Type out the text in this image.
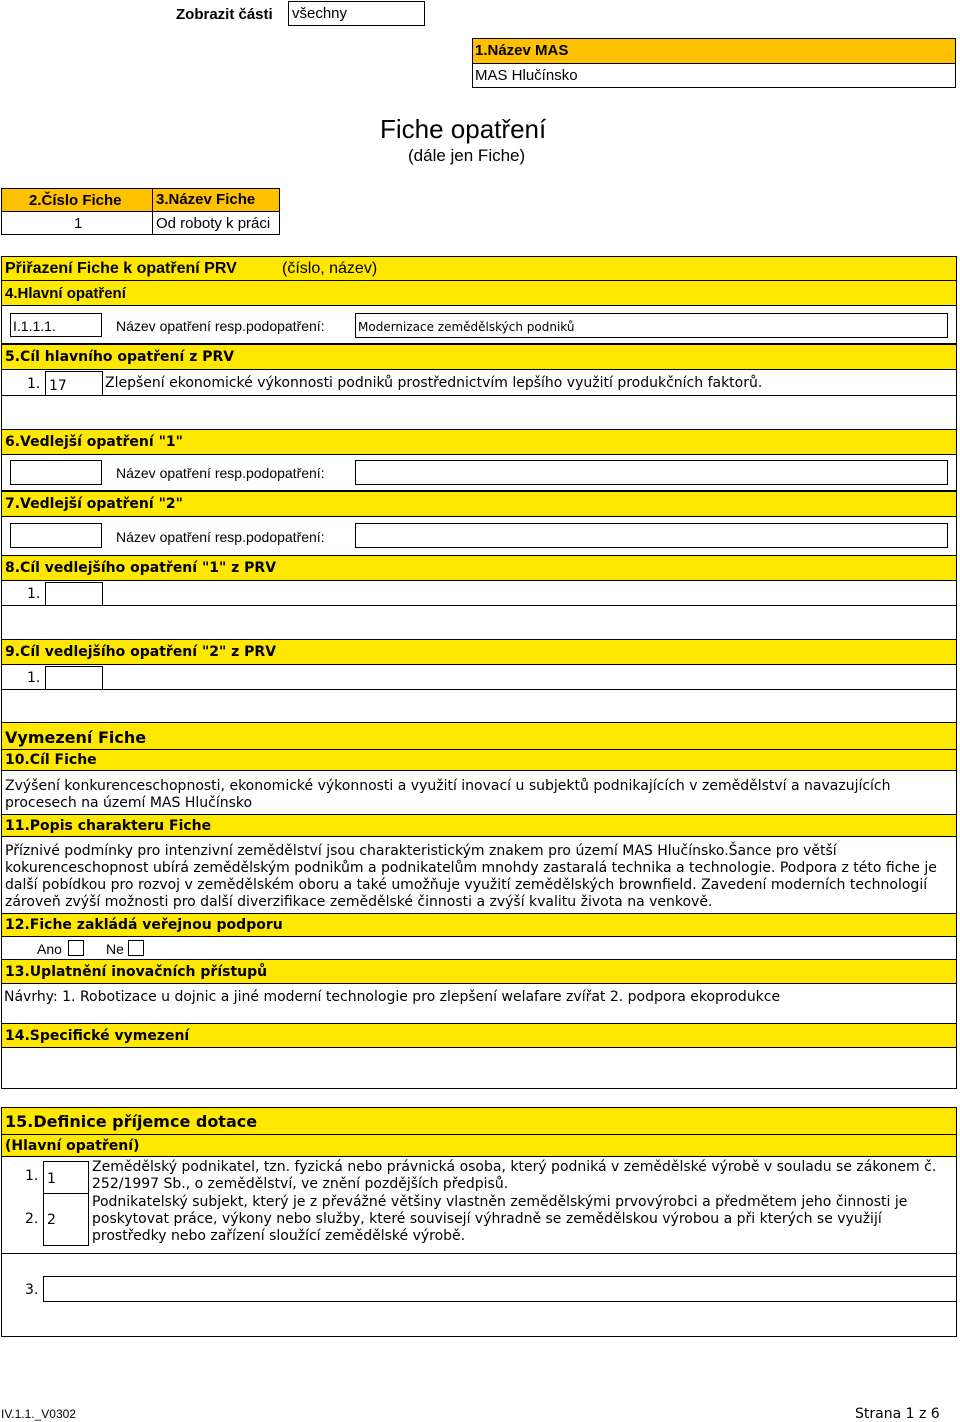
Zobrazit části všechny
1.Název MAS
MAS Hlučínsko
Fiche opatření
(dále jen Fiche)
2.Číslo Fiche 3.Název Fiche
1	Od roboty k práci
Přiřazení Fiche k opatření PRV	(číslo, název)
4.Hlavní opatření
I.1.1.1.	Název opatření resp.podopatření:	Modernizace zemědělských podniků
5.Cíl hlavního opatření z PRV
1. 17	Zlepšení ekonomické výkonnosti podniků prostřednictvím lepšího využití produkčních faktorů.
6.Vedlejší opatření "1"
Název opatření resp.podopatření:
7.Vedlejší opatření "2"
Název opatření resp.podopatření:
8.Cíl vedlejšího opatření "1" z PRV
1.
9.Cíl vedlejšího opatření "2" z PRV
1.
Vymezení Fiche
10.Cíl Fiche
Zvýšení konkurenceschopnosti, ekonomické výkonnosti a využití inovací u subjektů podnikajících v zemědělství a navazujících procesech na území MAS Hlučínsko
11.Popis charakteru Fiche
Příznivé podmínky pro intenzivní zemědělství jsou charakteristickým znakem pro území MAS Hlučínsko.Šance pro větší kokurenceschopnost ubírá zemědělským podnikům a podnikatelům mnohdy zastaralá technika a technologie. Podpora z této fiche je další pobídkou pro rozvoj v zemědělském oboru a také umožňuje využití zemědělských brownfield. Zavedení moderních technologií zároveň zvýší možnosti pro další diverzifikace zemědělské činnosti a zvýší kvalitu života na venkově.
12.Fiche zakládá veřejnou podporu
Ano	Ne
13.Uplatnění inovačních přístupů
Návrhy: 1. Robotizace u dojnic a jiné moderní technologie pro zlepšení welafare zvířat 2. podpora ekoprodukce
14.Specifické vymezení
15.Definice příjemce dotace
(Hlavní opatření)
1. 1
Zemědělský podnikatel, tzn. fyzická nebo právnická osoba, který podniká v zemědělské výrobě v souladu se zákonem č.
252/1997 Sb., o zemědělství, ve znění pozdějších předpisů.
2. 2
Podnikatelský subjekt, který je z převážné většiny vlastněn zemědělskými prvovýrobci a předmětem jeho činnosti je
poskytovat práce, výkony nebo služby, které souvisejí výhradně se zemědělskou výrobou a při kterých se využijí
prostředky nebo zařízení sloužící zemědělské výrobě.
3.
IV.1.1._V0302	Strana 1 z 6
